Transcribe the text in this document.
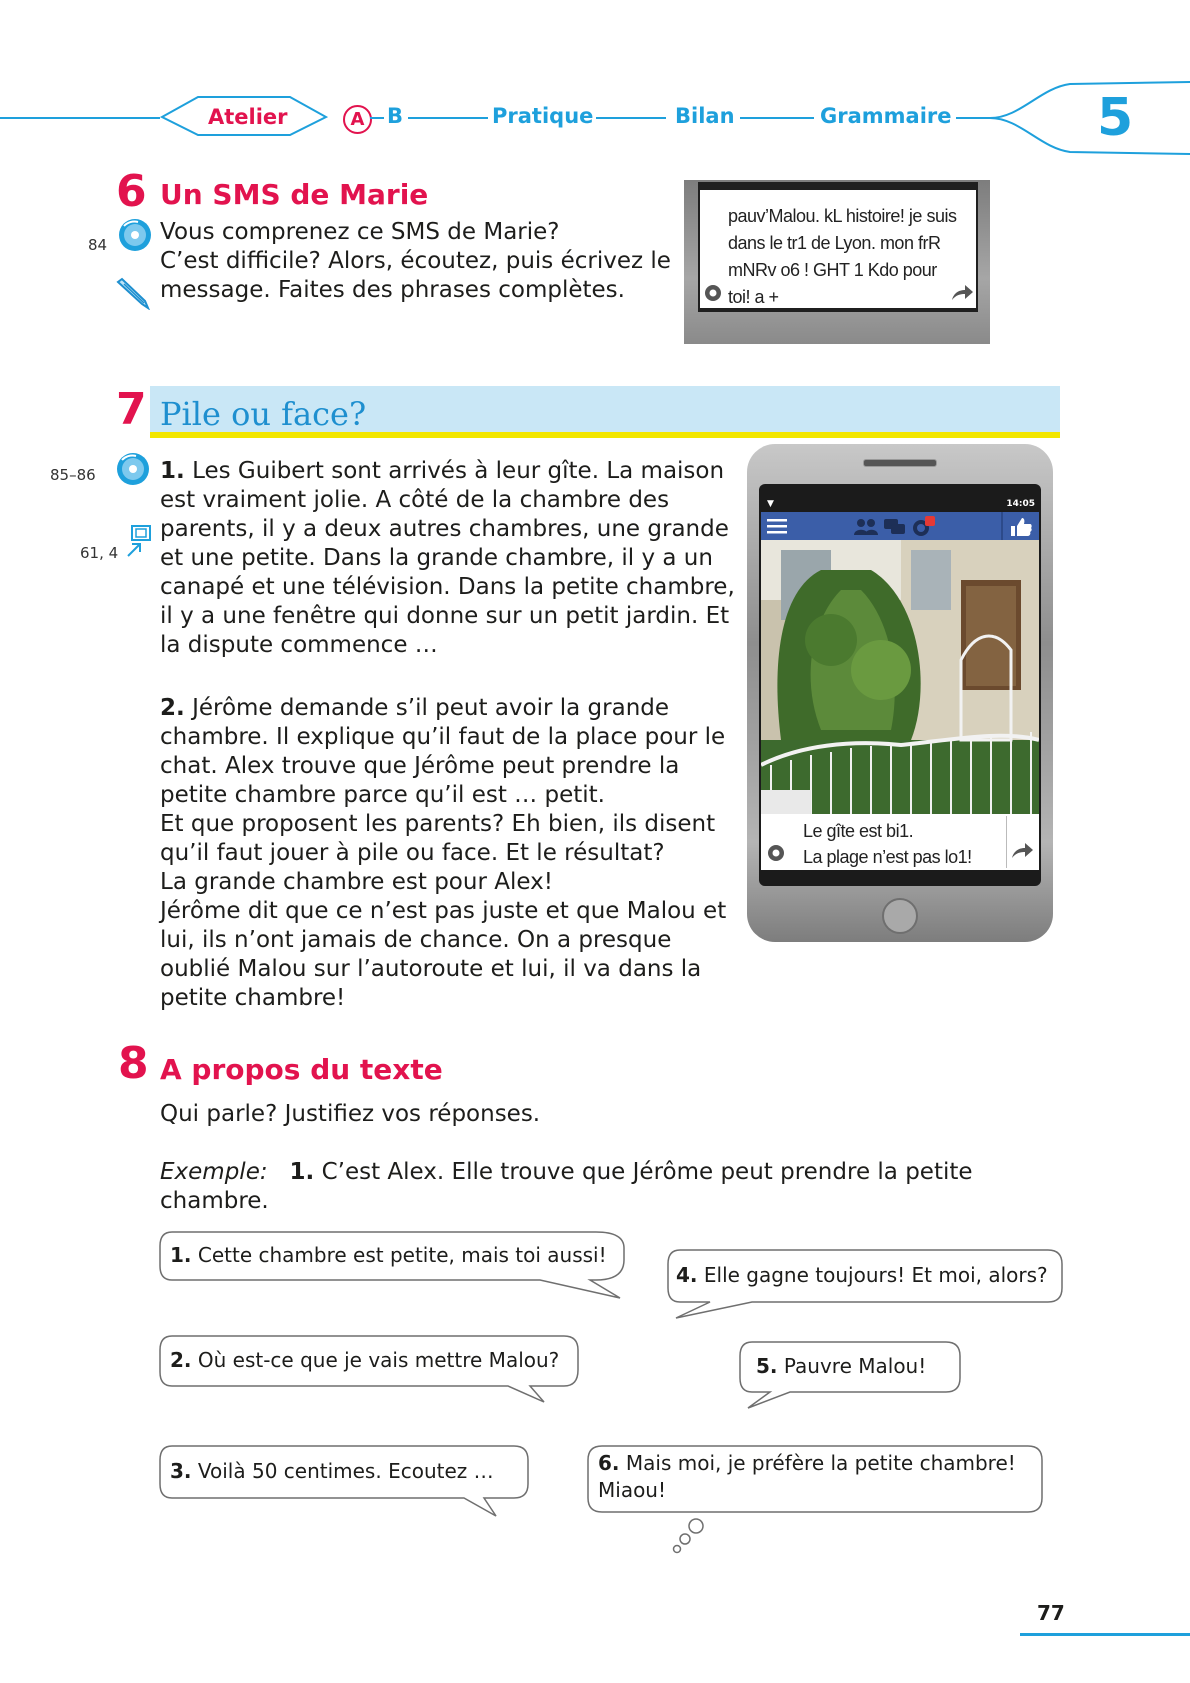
Atelier	A	B	Pratique	Bilan	Grammaire	5
6 Un SMS de Marie
84 Vous comprenez ce SMS de Marie?
C’est difficile? Alors, écoutez, puis écrivez le
message. Faites des phrases complètes.
pauv’Malou. kL histoire! je suis
dans le tr1 de Lyon. mon frR
mNRv o6 ! GHT 1 Kdo pour
toi! a +
7 Pile ou face?
85–86
61, 4
1. Les Guibert sont arrivés à leur gîte. La maison
est vraiment jolie. A côté de la chambre des
parents, il y a deux autres chambres, une grande
et une petite. Dans la grande chambre, il y a un
canapé et une télévision. Dans la petite chambre,
il y a une fenêtre qui donne sur un petit jardin. Et
la dispute commence …
2. Jérôme demande s’il peut avoir la grande
chambre. Il explique qu’il faut de la place pour le
chat. Alex trouve que Jérôme peut prendre la
petite chambre parce qu’il est … petit.
Et que proposent les parents? Eh bien, ils disent
qu’il faut jouer à pile ou face. Et le résultat?
La grande chambre est pour Alex!
Jérôme dit que ce n’est pas juste et que Malou et
lui, ils n’ont jamais de chance. On a presque
oublié Malou sur l’autoroute et lui, il va dans la
petite chambre!
▼	14:05
Le gîte est bi1.
La plage n’est pas lo1!
8 A propos du texte
Qui parle? Justifiez vos réponses.
Exemple: 1. C’est Alex. Elle trouve que Jérôme peut prendre la petite
chambre.
1. Cette chambre est petite, mais toi aussi!
4. Elle gagne toujours! Et moi, alors?
2. Où est-ce que je vais mettre Malou?	5. Pauvre Malou!
3. Voilà 50 centimes. Ecoutez …	6. Mais moi, je préfère la petite chambre!
Miaou!
77
